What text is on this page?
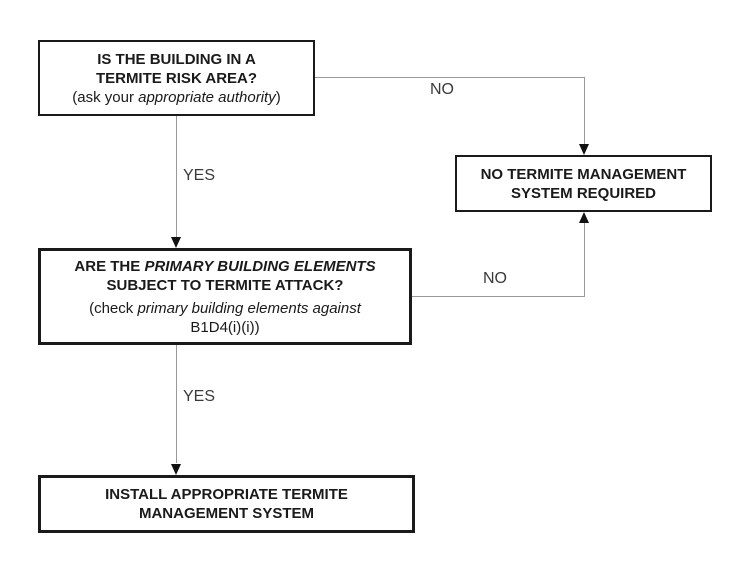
IS THE BUILDING IN A
TERMITE RISK AREA?
(ask your appropriate authority)
NO TERMITE MANAGEMENT
SYSTEM REQUIRED
ARE THE PRIMARY BUILDING ELEMENTS
SUBJECT TO TERMITE ATTACK?
(check primary building elements against
B1D4(i)(i))
INSTALL APPROPRIATE TERMITE
MANAGEMENT SYSTEM
YES
NO
NO
YES
